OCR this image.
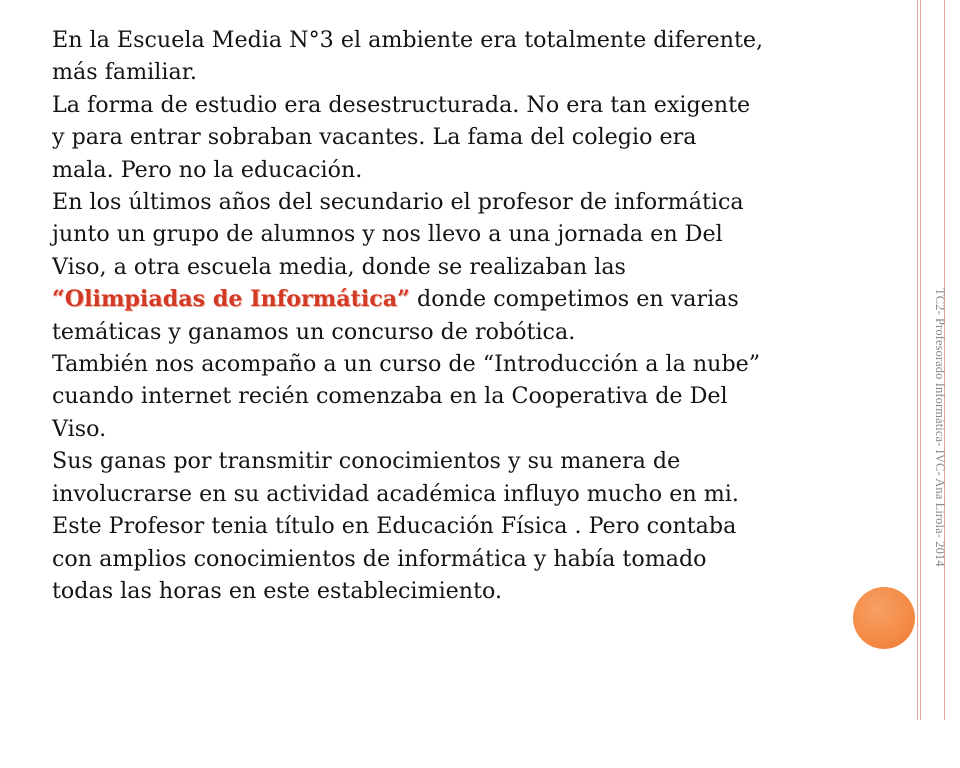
TC2- Profesorado Informática- IVC- Ana Lirola- 2014
En la Escuela Media N°3 el ambiente era totalmente diferente,
más familiar.
La forma de estudio era desestructurada. No era tan exigente
y para entrar sobraban vacantes. La fama del colegio era
mala. Pero no la educación.
En los últimos años del secundario el profesor de informática
junto un grupo de alumnos y nos llevo a una jornada en Del
Viso, a otra escuela media, donde se realizaban las
“Olimpiadas de Informática” donde competimos en varias
temáticas y ganamos un concurso de robótica.
También nos acompaño a un curso de “Introducción a la nube”
cuando internet recién comenzaba en la Cooperativa de Del
Viso.
Sus ganas por transmitir conocimientos y su manera de
involucrarse en su actividad académica influyo mucho en mi.
Este Profesor tenia título en Educación Física . Pero contaba
con amplios conocimientos de informática y había tomado
todas las horas en este establecimiento.
